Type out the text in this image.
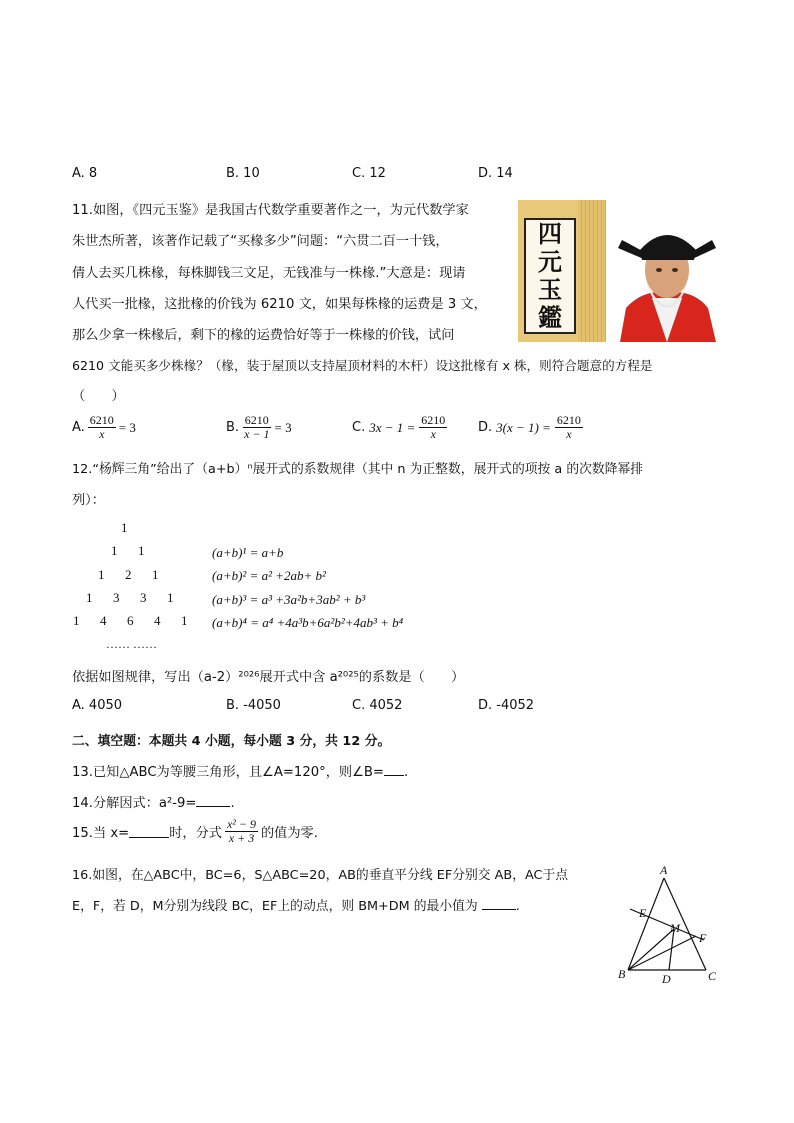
A. 8	B. 10	C. 12	D. 14
11.如图，《四元玉鉴》是我国古代数学重要著作之一，为元代数学家
朱世杰所著，该著作记载了“买椽多少”问题：“六贯二百一十钱，
倩人去买几株椽，每株脚钱三文足，无钱准与一株椽.”大意是：现请
人代买一批椽，这批椽的价钱为 6210 文，如果每株椽的运费是 3 文，
那么少拿一株椽后，剩下的椽的运费恰好等于一株椽的价钱，试问
6210 文能买多少株椽？（椽，装于屋顶以支持屋顶材料的木杆）设这批椽有 x 株，则符合题意的方程是
（　　）
四
元
玉
鑑
A. $\frac{6210}{x} = 3$	B. $\frac{6210}{x - 1} = 3$	C. $3x - 1 = \frac{6210}{x} D$. $3(x - 1) = \frac{6210}{x}$
12.“杨辉三角”给出了（a+b）ⁿ展开式的系数规律（其中 n 为正整数，展开式的项按 a 的次数降幂排
列）：
1
1 1
1 2 1
1 3 3 1
1 4 6 4 1
…… ……
(a+b)¹ = a+b
(a+b)² = a² +2ab+ b²
(a+b)³ = a³ +3a²b+3ab² + b³
(a+b)⁴ = a⁴ +4a³b+6a²b²+4ab³ + b⁴
依据如图规律，写出（a-2）²⁰²⁶展开式中含 a²⁰²⁵的系数是（　　）
A. 4050	B. -4050	C. 4052	D. -4052
二、填空题：本题共 4 小题，每小题 3 分，共 12 分。
13.已知△ABC为等腰三角形，且∠A=120°，则∠B= .
14.分解因式：a²-9=	.
15.当 x=	时，分式 $\frac{\text{x² − 9}}{x + 3}$ 的值为零.
16.如图，在△ABC中，BC=6，S△ABC=20，AB的垂直平分线 EF分别交 AB，AC于点
E，F，若 D，M分别为线段 BC，EF上的动点，则 BM+DM 的最小值为	.
A
B	C
D
E
F
M
